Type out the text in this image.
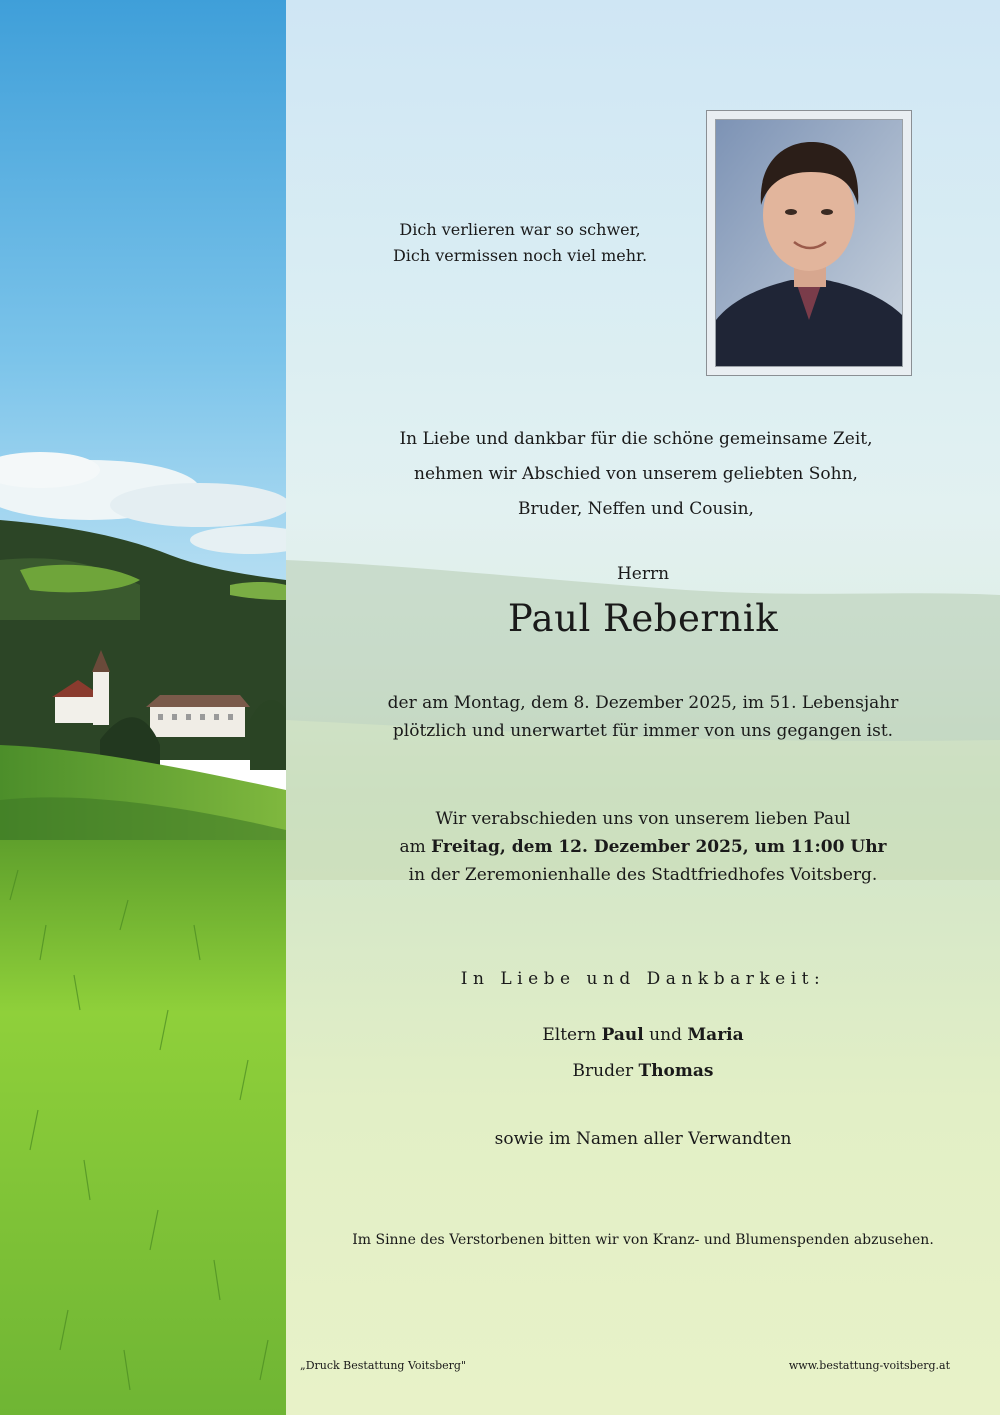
Dich verlieren war so schwer,
Dich vermissen noch viel mehr.
In Liebe und dankbar für die schöne gemeinsame Zeit,
nehmen wir Abschied von unserem geliebten Sohn,
Bruder, Neffen und Cousin,
Herrn
Paul Rebernik
der am Montag, dem 8. Dezember 2025, im 51. Lebensjahr
plötzlich und unerwartet für immer von uns gegangen ist.
Wir verabschieden uns von unserem lieben Paul
am Freitag, dem 12. Dezember 2025, um 11:00 Uhr
in der Zeremonienhalle des Stadtfriedhofes Voitsberg.
In Liebe und Dankbarkeit:
Eltern Paul und Maria
Bruder Thomas
sowie im Namen aller Verwandten
Im Sinne des Verstorbenen bitten wir von Kranz- und Blumenspenden abzusehen.
„Druck Bestattung Voitsberg"	www.bestattung-voitsberg.at
